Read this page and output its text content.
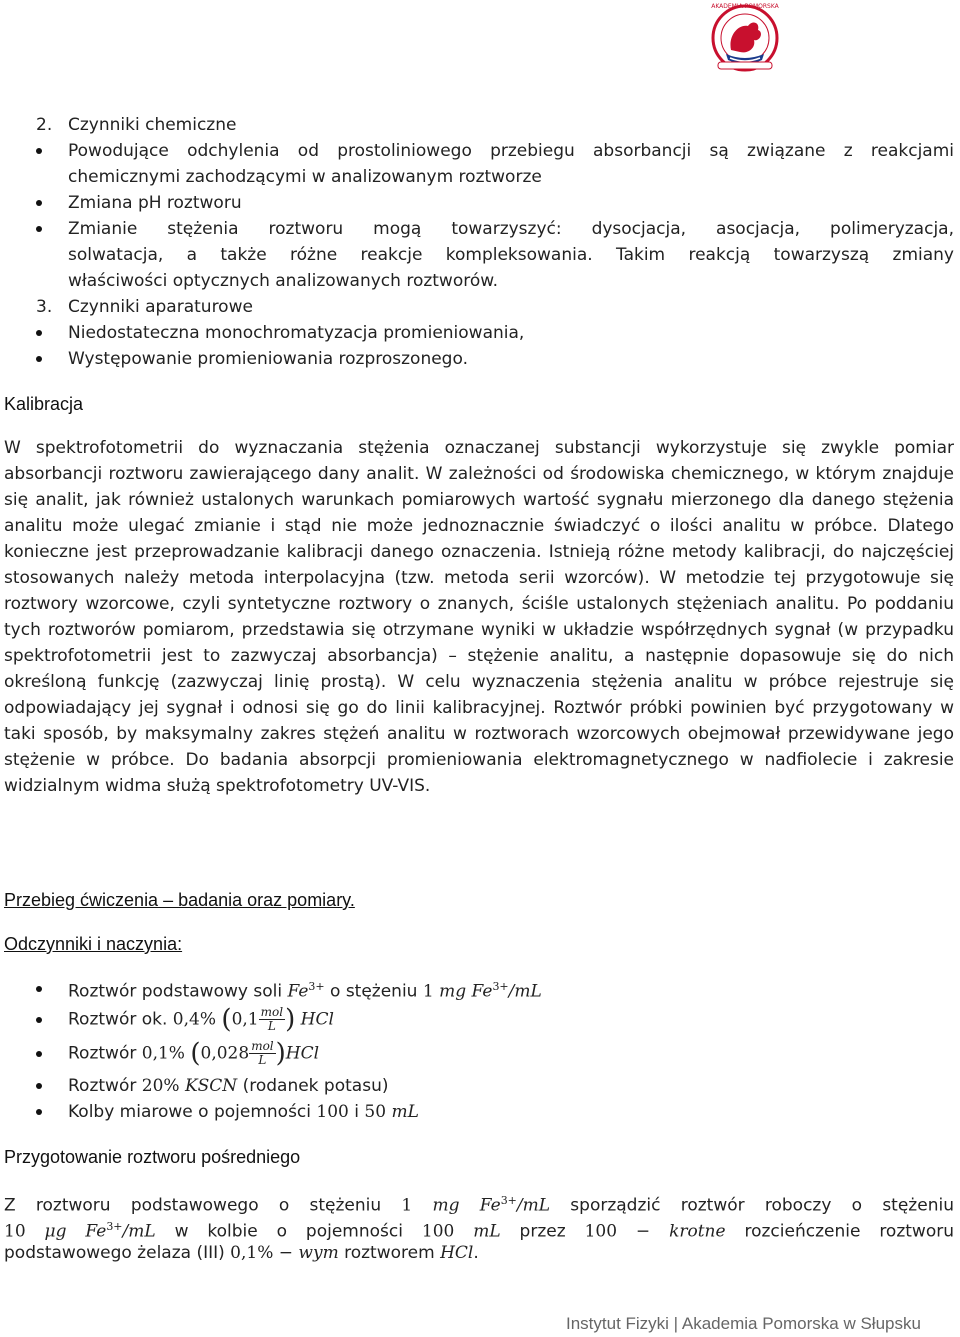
AKADEMIA POMORSKA
2. Czynniki chemiczne
Powodujące odchylenia od prostoliniowego przebiegu absorbancji są związane z reakcjami
chemicznymi zachodzącymi w analizowanym roztworze
Zmiana pH roztworu
Zmianie stężenia roztworu mogą towarzyszyć: dysocjacja, asocjacja, polimeryzacja,
solwatacja, a także różne reakcje kompleksowania. Takim reakcją towarzyszą zmiany
właściwości optycznych analizowanych roztworów.
3. Czynniki aparaturowe
Niedostateczna monochromatyzacja promieniowania,
Występowanie promieniowania rozproszonego.
Kalibracja
W spektrofotometrii do wyznaczania stężenia oznaczanej substancji wykorzystuje się zwykle pomiar absorbancji roztworu zawierającego dany analit. W zależności od środowiska chemicznego, w którym znajduje się analit, jak również ustalonych warunkach pomiarowych wartość sygnału mierzonego dla danego stężenia analitu może ulegać zmianie i stąd nie może jednoznacznie świadczyć o ilości analitu w próbce. Dlatego konieczne jest przeprowadzanie kalibracji danego oznaczenia. Istnieją różne metody kalibracji, do najczęściej stosowanych należy metoda interpolacyjna (tzw. metoda serii wzorców). W metodzie tej przygotowuje się roztwory wzorcowe, czyli syntetyczne roztwory o znanych, ściśle ustalonych stężeniach analitu. Po poddaniu tych roztworów pomiarom, przedstawia się otrzymane wyniki w układzie współrzędnych sygnał (w przypadku spektrofotometrii jest to zazwyczaj absorbancja) – stężenie analitu, a następnie dopasowuje się do nich określoną funkcję (zazwyczaj linię prostą). W celu wyznaczenia stężenia analitu w próbce rejestruje się odpowiadający jej sygnał i odnosi się go do linii kalibracyjnej. Roztwór próbki powinien być przygotowany w taki sposób, by maksymalny zakres stężeń analitu w roztworach wzorcowych obejmował przewidywane jego stężenie w próbce. Do badania absorpcji promieniowania elektromagnetycznego w nadfiolecie i zakresie widzialnym widma służą spektrofotometry UV-VIS.
Przebieg ćwiczenia – badania oraz pomiary.
Odczynniki i naczynia:
Roztwór podstawowy soli $Fe^{3+}$ o stężeniu 1 mg $Fe^{3+}/mL$
Roztwór ok. 0,4% ($0,1 \frac{\text{mol}}{L}$ ) HCl
Roztwór 0,1% $(0,028 \frac{\text{mol}}{L} )HCl$
Roztwór 20% KSCN (rodanek potasu)
Kolby miarowe o pojemności 100 i 50 mL
Przygotowanie roztworu pośredniego
Z roztworu podstawowego o stężeniu 1 mg $Fe^{3+}/mL$ sporządzić roztwór roboczy o stężeniu
10 μg $Fe^{3+}/mL$ w kolbie o pojemności 100 mL przez 100 − krotne rozcieńczenie roztworu
podstawowego żelaza (III) 0,1% − wym roztworem HCl.
Instytut Fizyki | Akademia Pomorska w Słupsku
